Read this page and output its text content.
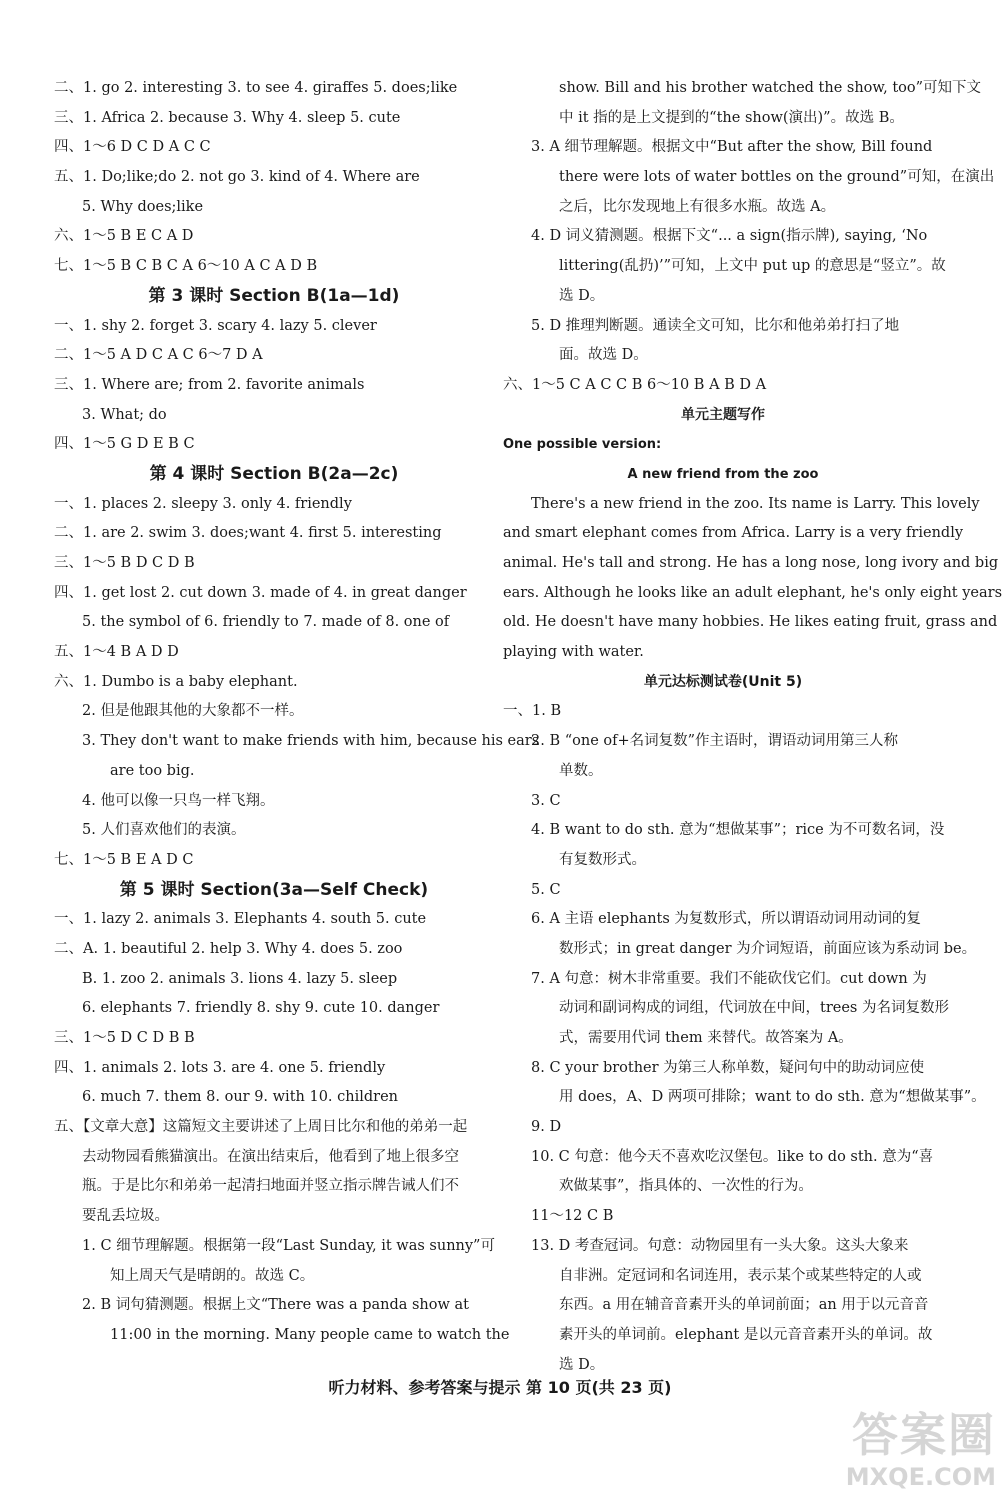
二、1. go 2. interesting 3. to see 4. giraffes 5. does;like
三、1. Africa 2. because 3. Why 4. sleep 5. cute
四、1～6 D C D A C C
五、1. Do;like;do 2. not go 3. kind of 4. Where are
5. Why does;like
六、1～5 B E C A D
七、1～5 B C B C A 6～10 A C A D B
第 3 课时 Section B(1a—1d)
一、1. shy 2. forget 3. scary 4. lazy 5. clever
二、1～5 A D C A C 6～7 D A
三、1. Where are; from 2. favorite animals
3. What; do
四、1～5 G D E B C
第 4 课时 Section B(2a—2c)
一、1. places 2. sleepy 3. only 4. friendly
二、1. are 2. swim 3. does;want 4. first 5. interesting
三、1～5 B D C D B
四、1. get lost 2. cut down 3. made of 4. in great danger
5. the symbol of 6. friendly to 7. made of 8. one of
五、1～4 B A D D
六、1. Dumbo is a baby elephant.
2. 但是他跟其他的大象都不一样。
3. They don't want to make friends with him, because his ears
are too big.
4. 他可以像一只鸟一样飞翔。
5. 人们喜欢他们的表演。
七、1～5 B E A D C
第 5 课时 Section(3a—Self Check)
一、1. lazy 2. animals 3. Elephants 4. south 5. cute
二、A. 1. beautiful 2. help 3. Why 4. does 5. zoo
B. 1. zoo 2. animals 3. lions 4. lazy 5. sleep
6. elephants 7. friendly 8. shy 9. cute 10. danger
三、1～5 D C D B B
四、1. animals 2. lots 3. are 4. one 5. friendly
6. much 7. them 8. our 9. with 10. children
五、【文章大意】这篇短文主要讲述了上周日比尔和他的弟弟一起
去动物园看熊猫演出。在演出结束后，他看到了地上很多空
瓶。于是比尔和弟弟一起清扫地面并竖立指示牌告诫人们不
要乱丢垃圾。
1. C 细节理解题。根据第一段“Last Sunday, it was sunny”可
知上周天气是晴朗的。故选 C。
2. B 词句猜测题。根据上文“There was a panda show at
11:00 in the morning. Many people came to watch the
show. Bill and his brother watched the show, too”可知下文
中 it 指的是上文提到的“the show(演出)”。故选 B。
3. A 细节理解题。根据文中“But after the show, Bill found
there were lots of water bottles on the ground”可知，在演出
之后，比尔发现地上有很多水瓶。故选 A。
4. D 词义猜测题。根据下文“... a sign(指示牌), saying, ‘No
littering(乱扔)’”可知，上文中 put up 的意思是“竖立”。故
选 D。
5. D 推理判断题。通读全文可知，比尔和他弟弟打扫了地
面。故选 D。
六、1～5 C A C C B 6～10 B A B D A
单元主题写作
One possible version:
A new friend from the zoo
There's a new friend in the zoo. Its name is Larry. This lovely
and smart elephant comes from Africa. Larry is a very friendly
animal. He's tall and strong. He has a long nose, long ivory and big
ears. Although he looks like an adult elephant, he's only eight years
old. He doesn't have many hobbies. He likes eating fruit, grass and
playing with water.
单元达标测试卷(Unit 5)
一、1. B
2. B “one of+名词复数”作主语时，谓语动词用第三人称
单数。
3. C
4. B want to do sth. 意为“想做某事”；rice 为不可数名词，没
有复数形式。
5. C
6. A 主语 elephants 为复数形式，所以谓语动词用动词的复
数形式；in great danger 为介词短语，前面应该为系动词 be。
7. A 句意：树木非常重要。我们不能砍伐它们。cut down 为
动词和副词构成的词组，代词放在中间，trees 为名词复数形
式，需要用代词 them 来替代。故答案为 A。
8. C your brother 为第三人称单数，疑问句中的助动词应使
用 does，A、D 两项可排除；want to do sth. 意为“想做某事”。
9. D
10. C 句意：他今天不喜欢吃汉堡包。like to do sth. 意为“喜
欢做某事”，指具体的、一次性的行为。
11～12 C B
13. D 考查冠词。句意：动物园里有一头大象。这头大象来
自非洲。定冠词和名词连用，表示某个或某些特定的人或
东西。a 用在辅音音素开头的单词前面；an 用于以元音音
素开头的单词前。elephant 是以元音音素开头的单词。故
选 D。
听力材料、参考答案与提示 第 10 页(共 23 页)
答案圈
MXQE.COM
